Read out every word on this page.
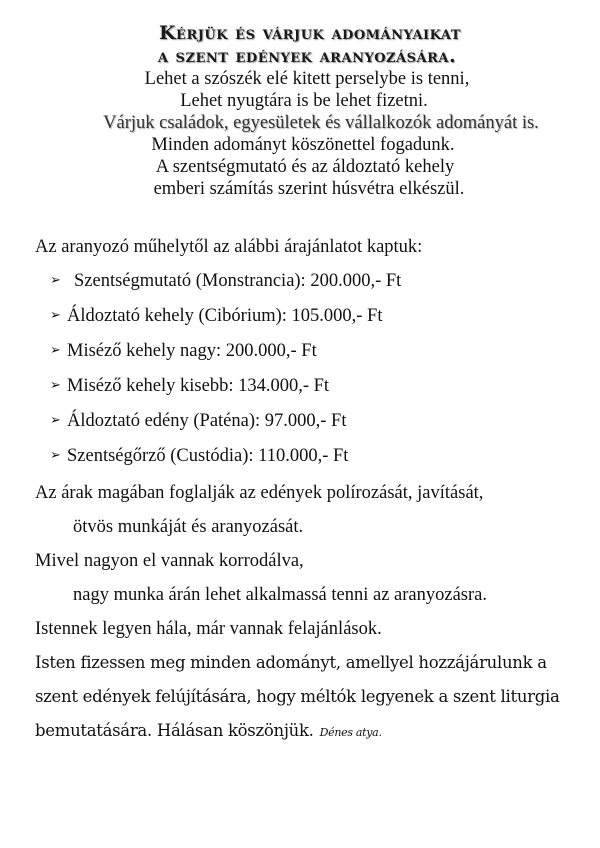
Kérjük és várjuk adományaikat

a szent edények aranyozására.

Lehet a szószék elé kitett perselybe is tenni,

Lehet nyugtára is be lehet fizetni.

Várjuk családok, egyesületek és vállalkozók adományát is.

Minden adományt köszönettel fogadunk.

A szentségmutató és az áldoztató kehely

emberi számítás szerint húsvétra elkészül.

Az aranyozó műhelytől az alábbi árajánlatot kaptuk:

➢ Szentségmutató (Monstrancia): 200.000,- Ft
➢ Áldoztató kehely (Cibórium): 105.000,- Ft
➢ Miséző kehely nagy: 200.000,- Ft
➢ Miséző kehely kisebb: 134.000,- Ft
➢ Áldoztató edény (Paténa): 97.000,- Ft
➢ Szentségőrző (Custódia): 110.000,- Ft
Az árak magában foglalják az edények polírozását, javítását,
ötvös munkáját és aranyozását.
Mivel nagyon el vannak korrodálva,
nagy munka árán lehet alkalmassá tenni az aranyozásra.
Istennek legyen hála, már vannak felajánlások.
Isten fizessen meg minden adományt, amellyel hozzájárulunk a
szent edények felújítására, hogy méltók legyenek a szent liturgia
bemutatására. Hálásan köszönjük. Dénes atya.
